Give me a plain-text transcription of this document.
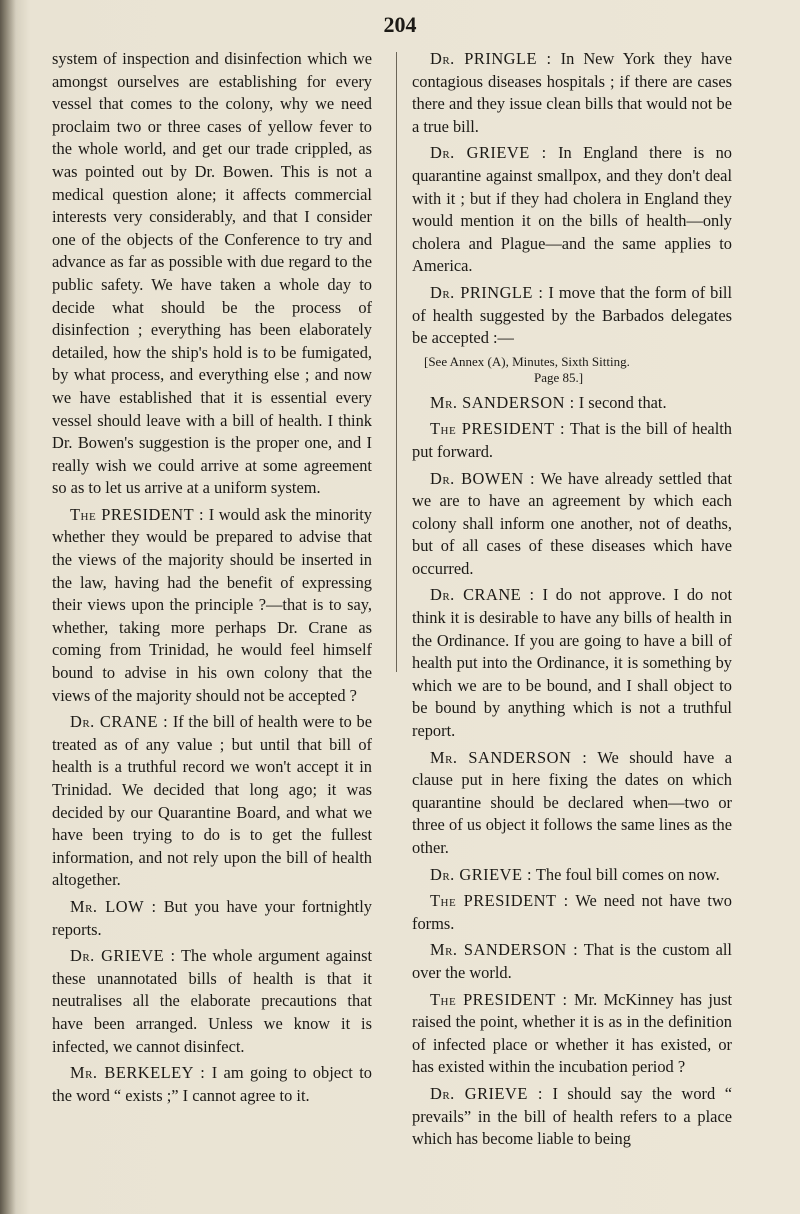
204

system of inspection and disinfection which we amongst ourselves are establishing for every vessel that comes to the colony, why we need proclaim two or three cases of yellow fever to the whole world, and get our trade crippled, as was pointed out by Dr. Bowen. This is not a medical question alone; it affects commercial interests very considerably, and that I consider one of the objects of the Conference to try and advance as far as possible with due regard to the public safety. We have taken a whole day to decide what should be the process of disinfection ; everything has been elaborately detailed, how the ship's hold is to be fumigated, by what process, and everything else ; and now we have established that it is essential every vessel should leave with a bill of health. I think Dr. Bowen's suggestion is the proper one, and I really wish we could arrive at some agreement so as to let us arrive at a uniform system.

The PRESIDENT : I would ask the minority whether they would be prepared to advise that the views of the majority should be inserted in the law, having had the benefit of expressing their views upon the principle ?—that is to say, whether, taking more perhaps Dr. Crane as coming from Trinidad, he would feel himself bound to advise in his own colony that the views of the majority should not be accepted ?

Dr. CRANE : If the bill of health were to be treated as of any value ; but until that bill of health is a truthful record we won't accept it in Trinidad. We decided that long ago; it was decided by our Quarantine Board, and what we have been trying to do is to get the fullest information, and not rely upon the bill of health altogether.

Mr. LOW : But you have your fortnightly reports.

Dr. GRIEVE : The whole argument against these unannotated bills of health is that it neutralises all the elaborate precautions that have been arranged. Unless we know it is infected, we cannot disinfect.

Mr. BERKELEY : I am going to object to the word “ exists ;” I cannot agree to it.

Dr. PRINGLE : In New York they have contagious diseases hospitals ; if there are cases there and they issue clean bills that would not be a true bill.

Dr. GRIEVE : In England there is no quarantine against smallpox, and they don't deal with it ; but if they had cholera in England they would mention it on the bills of health—only cholera and Plague—and the same applies to America.

Dr. PRINGLE : I move that the form of bill of health suggested by the Barbados delegates be accepted :—

[See Annex (A), Minutes, Sixth Sitting.
Page 85.]

Mr. SANDERSON : I second that.

The PRESIDENT : That is the bill of health put forward.

Dr. BOWEN : We have already settled that we are to have an agreement by which each colony shall inform one another, not of deaths, but of all cases of these diseases which have occurred.

Dr. CRANE : I do not approve. I do not think it is desirable to have any bills of health in the Ordinance. If you are going to have a bill of health put into the Ordinance, it is something by which we are to be bound, and I shall object to be bound by anything which is not a truthful report.

Mr. SANDERSON : We should have a clause put in here fixing the dates on which quarantine should be declared when—two or three of us object it follows the same lines as the other.

Dr. GRIEVE : The foul bill comes on now.

The PRESIDENT : We need not have two forms.

Mr. SANDERSON : That is the custom all over the world.

The PRESIDENT : Mr. McKinney has just raised the point, whether it is as in the definition of infected place or whether it has existed, or has existed within the incubation period ?

Dr. GRIEVE : I should say the word “ prevails” in the bill of health refers to a place which has become liable to being
